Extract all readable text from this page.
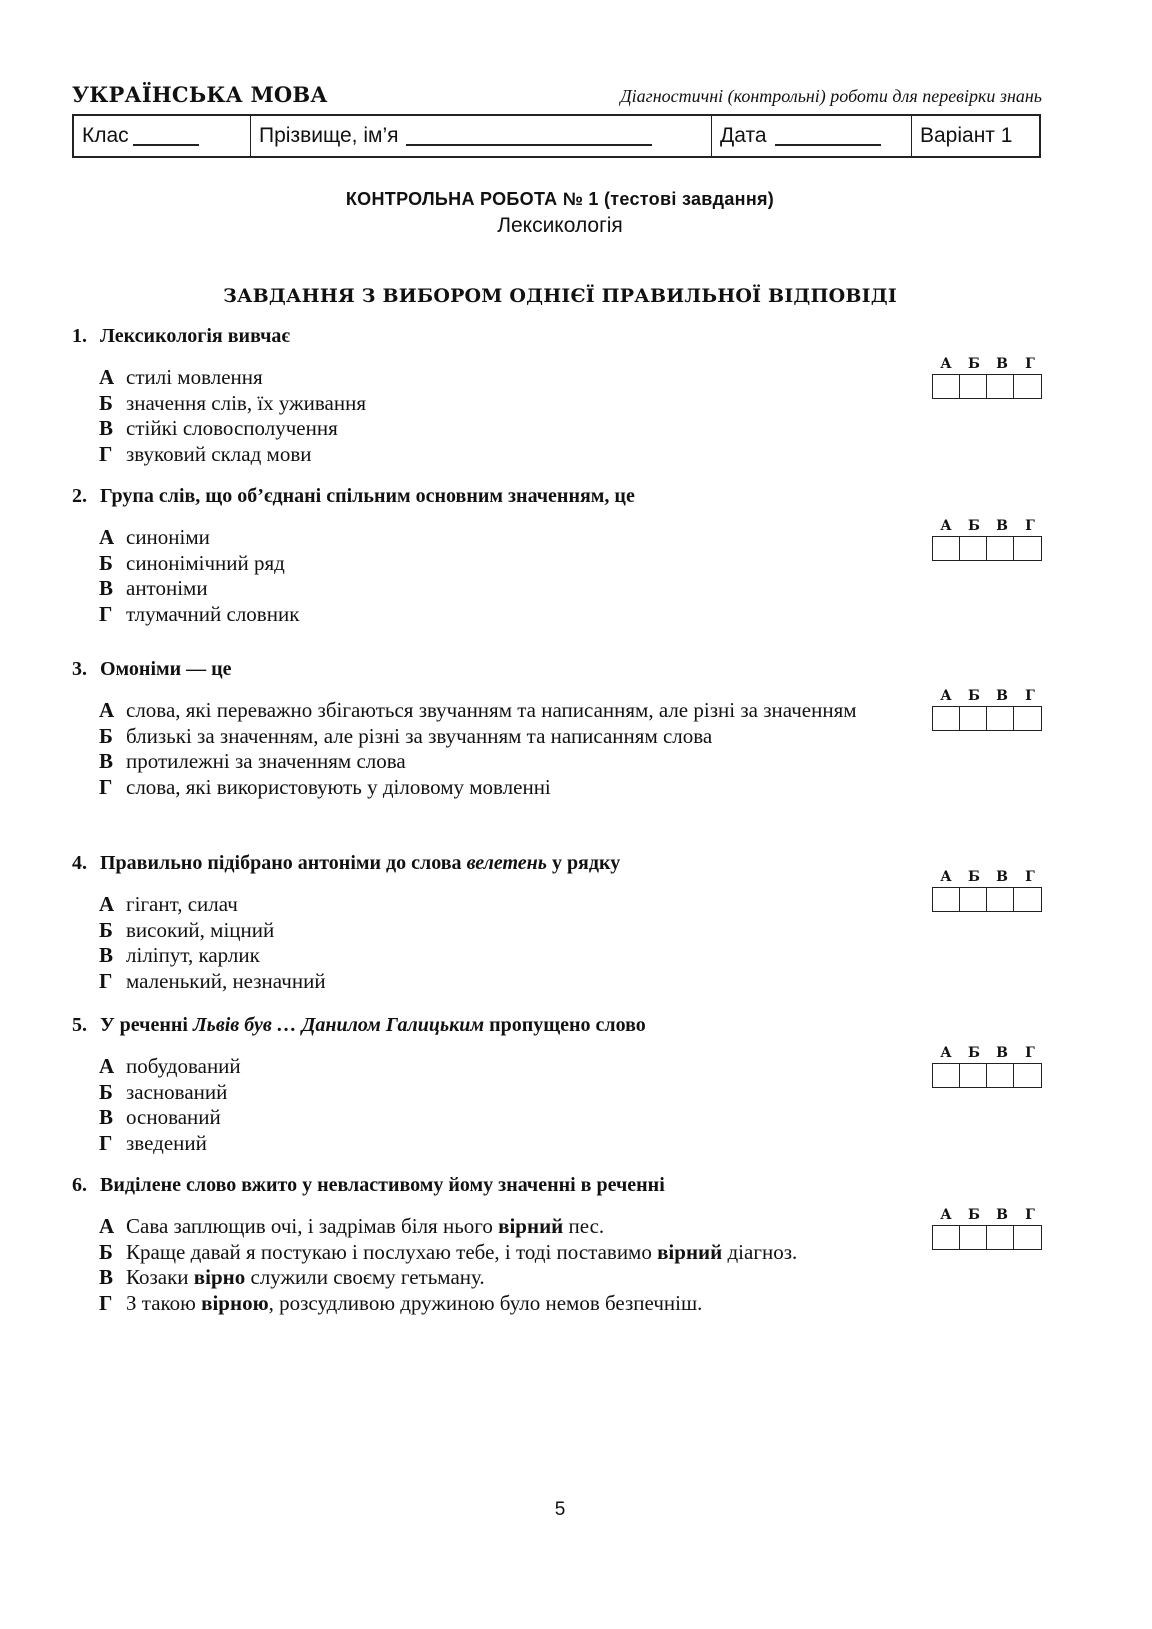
УКРАЇНСЬКА МОВА	Діагностичні (контрольні) роботи для перевірки знань
Клас	Прізвище, ім’я	Дата	Варіант 1
КОНТРОЛЬНА РОБОТА № 1 (тестові завдання)
Лексикологія
ЗАВДАННЯ З ВИБОРОМ ОДНІЄЇ ПРАВИЛЬНОЇ ВІДПОВІДІ
1. Лексикологія вивчає
А стилі мовлення
Б значення слів, їх уживання
В стійкі словосполучення
Г звуковий склад мови
А	Б	В	Г
2. Група слів, що об’єднані спільним основним значенням, це
А синоніми
Б синонімічний ряд
В антоніми
Г тлумачний словник
А	Б	В	Г
3. Омоніми — це
А слова, які переважно збігаються звучанням та написанням, але різні за значенням
Б близькі за значенням, але різні за звучанням та написанням слова
В протилежні за значенням слова
Г слова, які використовують у діловому мовленні
А	Б	В	Г
4. Правильно підібрано антоніми до слова велетень у рядку
А гігант, силач
Б високий, міцний
В ліліпут, карлик
Г маленький, незначний
А	Б	В	Г
5. У реченні Львів був … Данилом Галицьким пропущено слово
А побудований
Б заснований
В оснований
Г зведений
А	Б	В	Г
6. Виділене слово вжито у невластивому йому значенні в реченні
А Сава заплющив очі, і задрімав біля нього вірний пес.
Б Краще давай я постукаю і послухаю тебе, і тоді поставимо вірний діагноз.
В Козаки вірно служили своєму гетьману.
Г З такою вірною, розсудливою дружиною було немов безпечніш.
А	Б	В	Г
5
